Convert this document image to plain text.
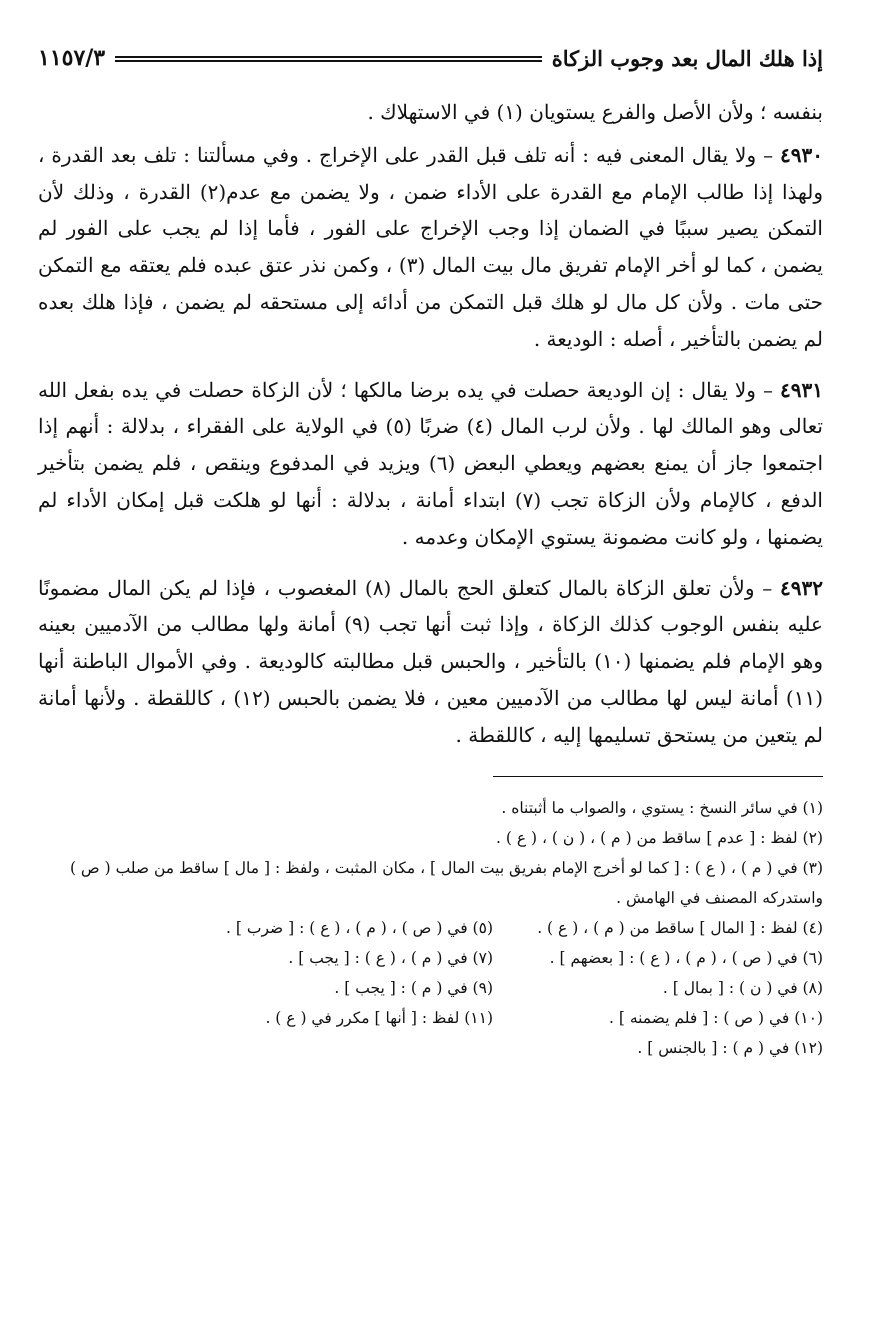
إذا هلك المال بعد وجوب الزكاة
١١٥٧/٣

بنفسه ؛ ولأن الأصل والفرع يستويان (١) في الاستهلاك .

٤٩٣٠ – ولا يقال المعنى فيه : أنه تلف قبل القدر على الإخراج . وفي مسألتنا : تلف بعد القدرة ، ولهذا إذا طالب الإمام مع القدرة على الأداء ضمن ، ولا يضمن مع عدم(٢) القدرة ، وذلك لأن التمكن يصير سببًا في الضمان إذا وجب الإخراج على الفور ، فأما إذا لم يجب على الفور لم يضمن ، كما لو أخر الإمام تفريق مال بيت المال (٣) ، وكمن نذر عتق عبده فلم يعتقه مع التمكن حتى مات . ولأن كل مال لو هلك قبل التمكن من أدائه إلى مستحقه لم يضمن ، فإذا هلك بعده لم يضمن بالتأخير ، أصله : الوديعة .

٤٩٣١ – ولا يقال : إن الوديعة حصلت في يده برضا مالكها ؛ لأن الزكاة حصلت في يده بفعل الله تعالى وهو المالك لها . ولأن لرب المال (٤) ضربًا (٥) في الولاية على الفقراء ، بدلالة : أنهم إذا اجتمعوا جاز أن يمنع بعضهم ويعطي البعض (٦) ويزيد في المدفوع وينقص ، فلم يضمن بتأخير الدفع ، كالإمام ولأن الزكاة تجب (٧) ابتداء أمانة ، بدلالة : أنها لو هلكت قبل إمكان الأداء لم يضمنها ، ولو كانت مضمونة يستوي الإمكان وعدمه .

٤٩٣٢ – ولأن تعلق الزكاة بالمال كتعلق الحج بالمال (٨) المغصوب ، فإذا لم يكن المال مضمونًا عليه بنفس الوجوب كذلك الزكاة ، وإذا ثبت أنها تجب (٩) أمانة ولها مطالب من الآدميين بعينه وهو الإمام فلم يضمنها (١٠) بالتأخير ، والحبس قبل مطالبته كالوديعة . وفي الأموال الباطنة أنها (١١) أمانة ليس لها مطالب من الآدميين معين ، فلا يضمن بالحبس (١٢) ، كاللقطة . ولأنها أمانة لم يتعين من يستحق تسليمها إليه ، كاللقطة .

(١) في سائر النسخ : يستوي ، والصواب ما أثبتناه .
(٢) لفظ : [ عدم ] ساقط من ( م ) ، ( ن ) ، ( ع ) .
(٣) في ( م ) ، ( ع ) : [ كما لو أخرج الإمام بفريق بيت المال ] ، مكان المثبت ، ولفظ : [ مال ] ساقط من صلب ( ص ) واستدركه المصنف في الهامش .
(٤) لفظ : [ المال ] ساقط من ( م ) ، ( ع ) .
(٥) في ( ص ) ، ( م ) ، ( ع ) : [ ضرب ] .
(٦) في ( ص ) ، ( م ) ، ( ع ) : [ بعضهم ] .
(٧) في ( م ) ، ( ع ) : [ يجب ] .
(٨) في ( ن ) : [ بمال ] .
(٩) في ( م ) : [ يجب ] .
(١٠) في ( ص ) : [ فلم يضمنه ] .
(١١) لفظ : [ أنها ] مكرر في ( ع ) .
(١٢) في ( م ) : [ بالجنس ] .
